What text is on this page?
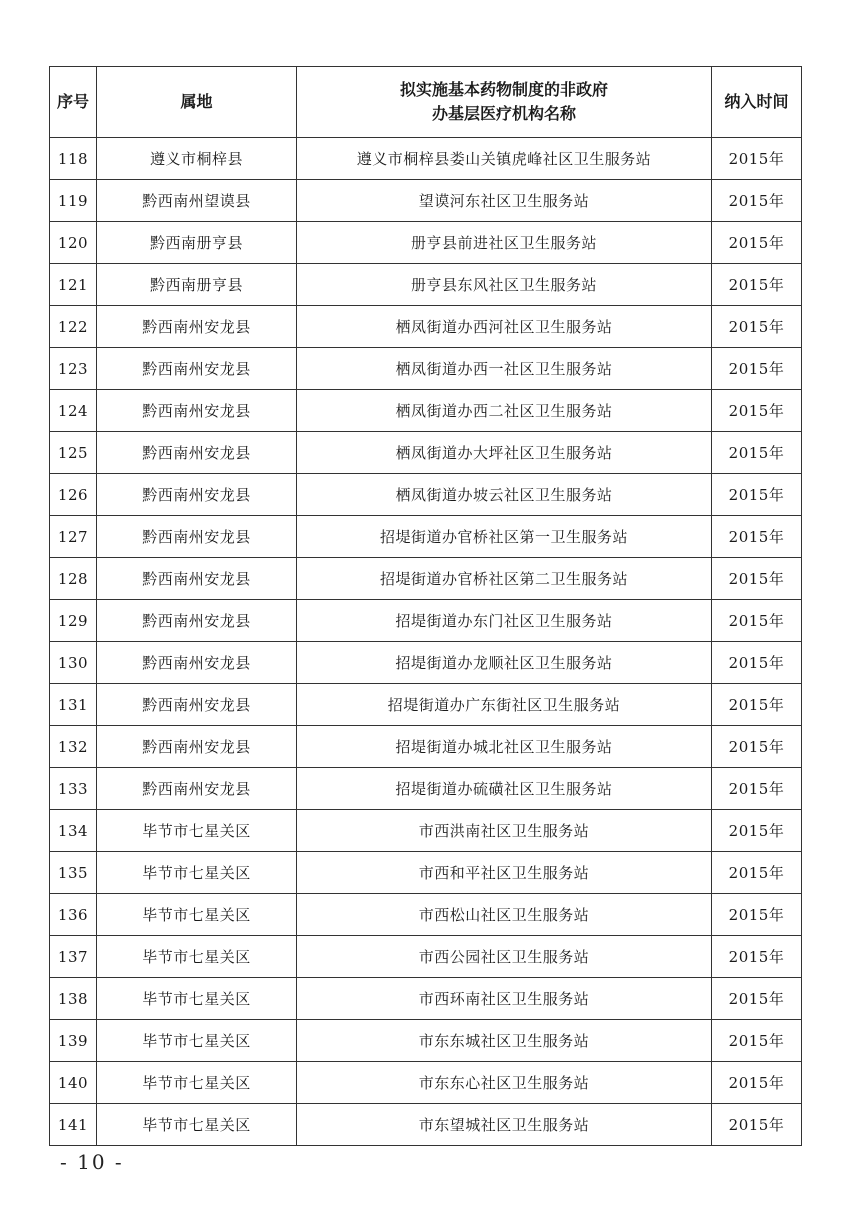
序号	属地	拟实施基本药物制度的非政府
办基层医疗机构名称	纳入时间
118	遵义市桐梓县	遵义市桐梓县娄山关镇虎峰社区卫生服务站	2015年
119	黔西南州望谟县	望谟河东社区卫生服务站	2015年
120	黔西南册亨县	册亨县前进社区卫生服务站	2015年
121	黔西南册亨县	册亨县东风社区卫生服务站	2015年
122	黔西南州安龙县	栖凤街道办西河社区卫生服务站	2015年
123	黔西南州安龙县	栖凤街道办西一社区卫生服务站	2015年
124	黔西南州安龙县	栖凤街道办西二社区卫生服务站	2015年
125	黔西南州安龙县	栖凤街道办大坪社区卫生服务站	2015年
126	黔西南州安龙县	栖凤街道办坡云社区卫生服务站	2015年
127	黔西南州安龙县	招堤街道办官桥社区第一卫生服务站	2015年
128	黔西南州安龙县	招堤街道办官桥社区第二卫生服务站	2015年
129	黔西南州安龙县	招堤街道办东门社区卫生服务站	2015年
130	黔西南州安龙县	招堤街道办龙顺社区卫生服务站	2015年
131	黔西南州安龙县	招堤街道办广东街社区卫生服务站	2015年
132	黔西南州安龙县	招堤街道办城北社区卫生服务站	2015年
133	黔西南州安龙县	招堤街道办硫磺社区卫生服务站	2015年
134	毕节市七星关区	市西洪南社区卫生服务站	2015年
135	毕节市七星关区	市西和平社区卫生服务站	2015年
136	毕节市七星关区	市西松山社区卫生服务站	2015年
137	毕节市七星关区	市西公园社区卫生服务站	2015年
138	毕节市七星关区	市西环南社区卫生服务站	2015年
139	毕节市七星关区	市东东城社区卫生服务站	2015年
140	毕节市七星关区	市东东心社区卫生服务站	2015年
141	毕节市七星关区	市东望城社区卫生服务站	2015年
- 10 -
